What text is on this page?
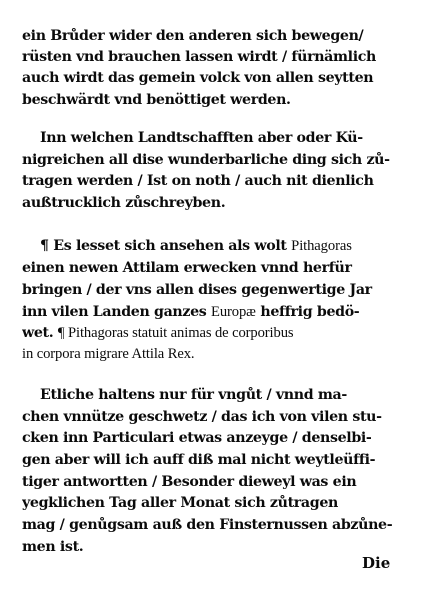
ein Brůder wider den anderen sich bewegen/
rüsten vnd brauchen lassen wirdt / fürnämlich
auch wirdt das gemein volck von allen seytten
beschwärdt vnd benöttiget werden.
Inn welchen Landtschafften aber oder Kü-
nigreichen all dise wunderbarliche ding sich zů-
tragen werden / Ist on noth / auch nit dienlich
außtrucklich zůschreyben.
¶ Es lesset sich ansehen als wolt Pithagoras
einen newen Attilam erwecken vnnd herfür
bringen / der vns allen dises gegenwertige Jar
inn vilen Landen ganzes Europæ heffrig bedö-
wet. ¶ Pithagoras statuit animas de corporibus
in corpora migrare Attila Rex.
Etliche haltens nur für vngůt / vnnd ma-
chen vnnütze geschwetz / das ich von vilen stu-
cken inn Particulari etwas anzeyge / denselbi-
gen aber will ich auff diß mal nicht weytleüffi-
tiger antwortten / Besonder dieweyl was ein
yegklichen Tag aller Monat sich zůtragen
mag / genůgsam auß den Finsternussen abzůne-
men ist.
Die
